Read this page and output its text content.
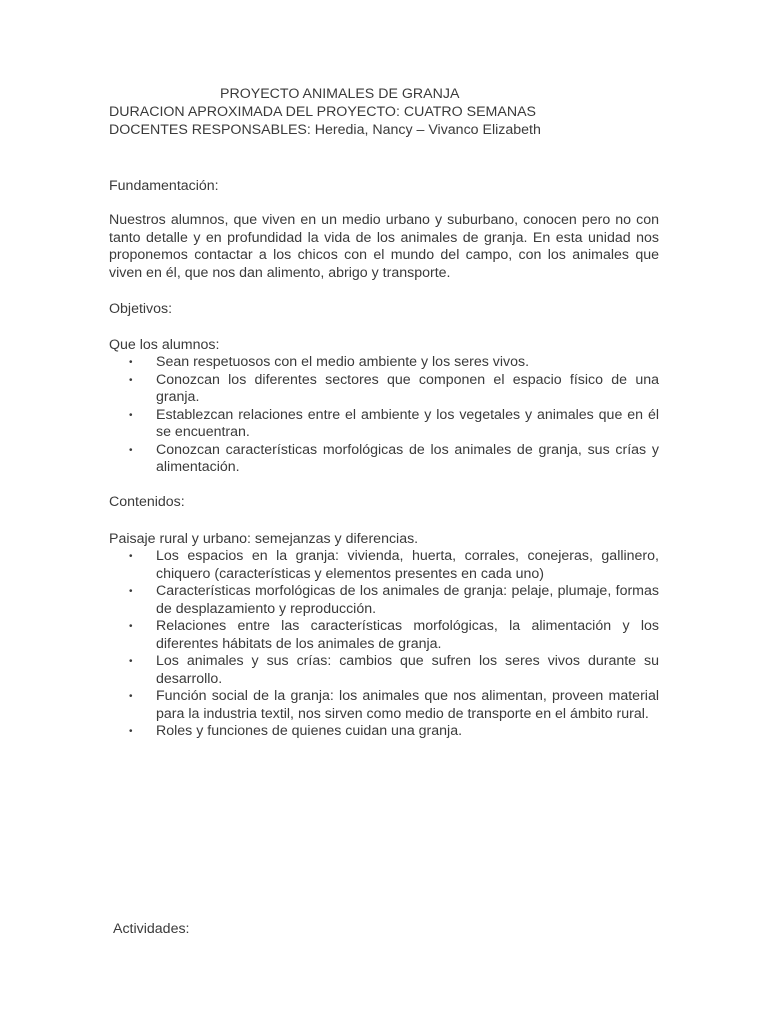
PROYECTO ANIMALES DE GRANJA
DURACION APROXIMADA DEL PROYECTO: CUATRO SEMANAS
DOCENTES RESPONSABLES: Heredia, Nancy – Vivanco Elizabeth
Fundamentación:
Nuestros alumnos, que viven en un medio urbano y suburbano, conocen pero no con tanto detalle y en profundidad la vida de los animales de granja. En esta unidad nos proponemos contactar a los chicos con el mundo del campo, con los animales que viven en él, que nos dan alimento, abrigo y transporte.
Objetivos:
Que los alumnos:
• Sean respetuosos con el medio ambiente y los seres vivos.
• Conozcan los diferentes sectores que componen el espacio físico de una granja.
• Establezcan relaciones entre el ambiente y los vegetales y animales que en él se encuentran.
• Conozcan características morfológicas de los animales de granja, sus crías y alimentación.
Contenidos:
Paisaje rural y urbano: semejanzas y diferencias.
• Los espacios en la granja: vivienda, huerta, corrales, conejeras, gallinero, chiquero (características y elementos presentes en cada uno)
• Características morfológicas de los animales de granja: pelaje, plumaje, formas de desplazamiento y reproducción.
• Relaciones entre las características morfológicas, la alimentación y los diferentes hábitats de los animales de granja.
• Los animales y sus crías: cambios que sufren los seres vivos durante su desarrollo.
• Función social de la granja: los animales que nos alimentan, proveen material para la industria textil, nos sirven como medio de transporte en el ámbito rural.
• Roles y funciones de quienes cuidan una granja.
Actividades:
